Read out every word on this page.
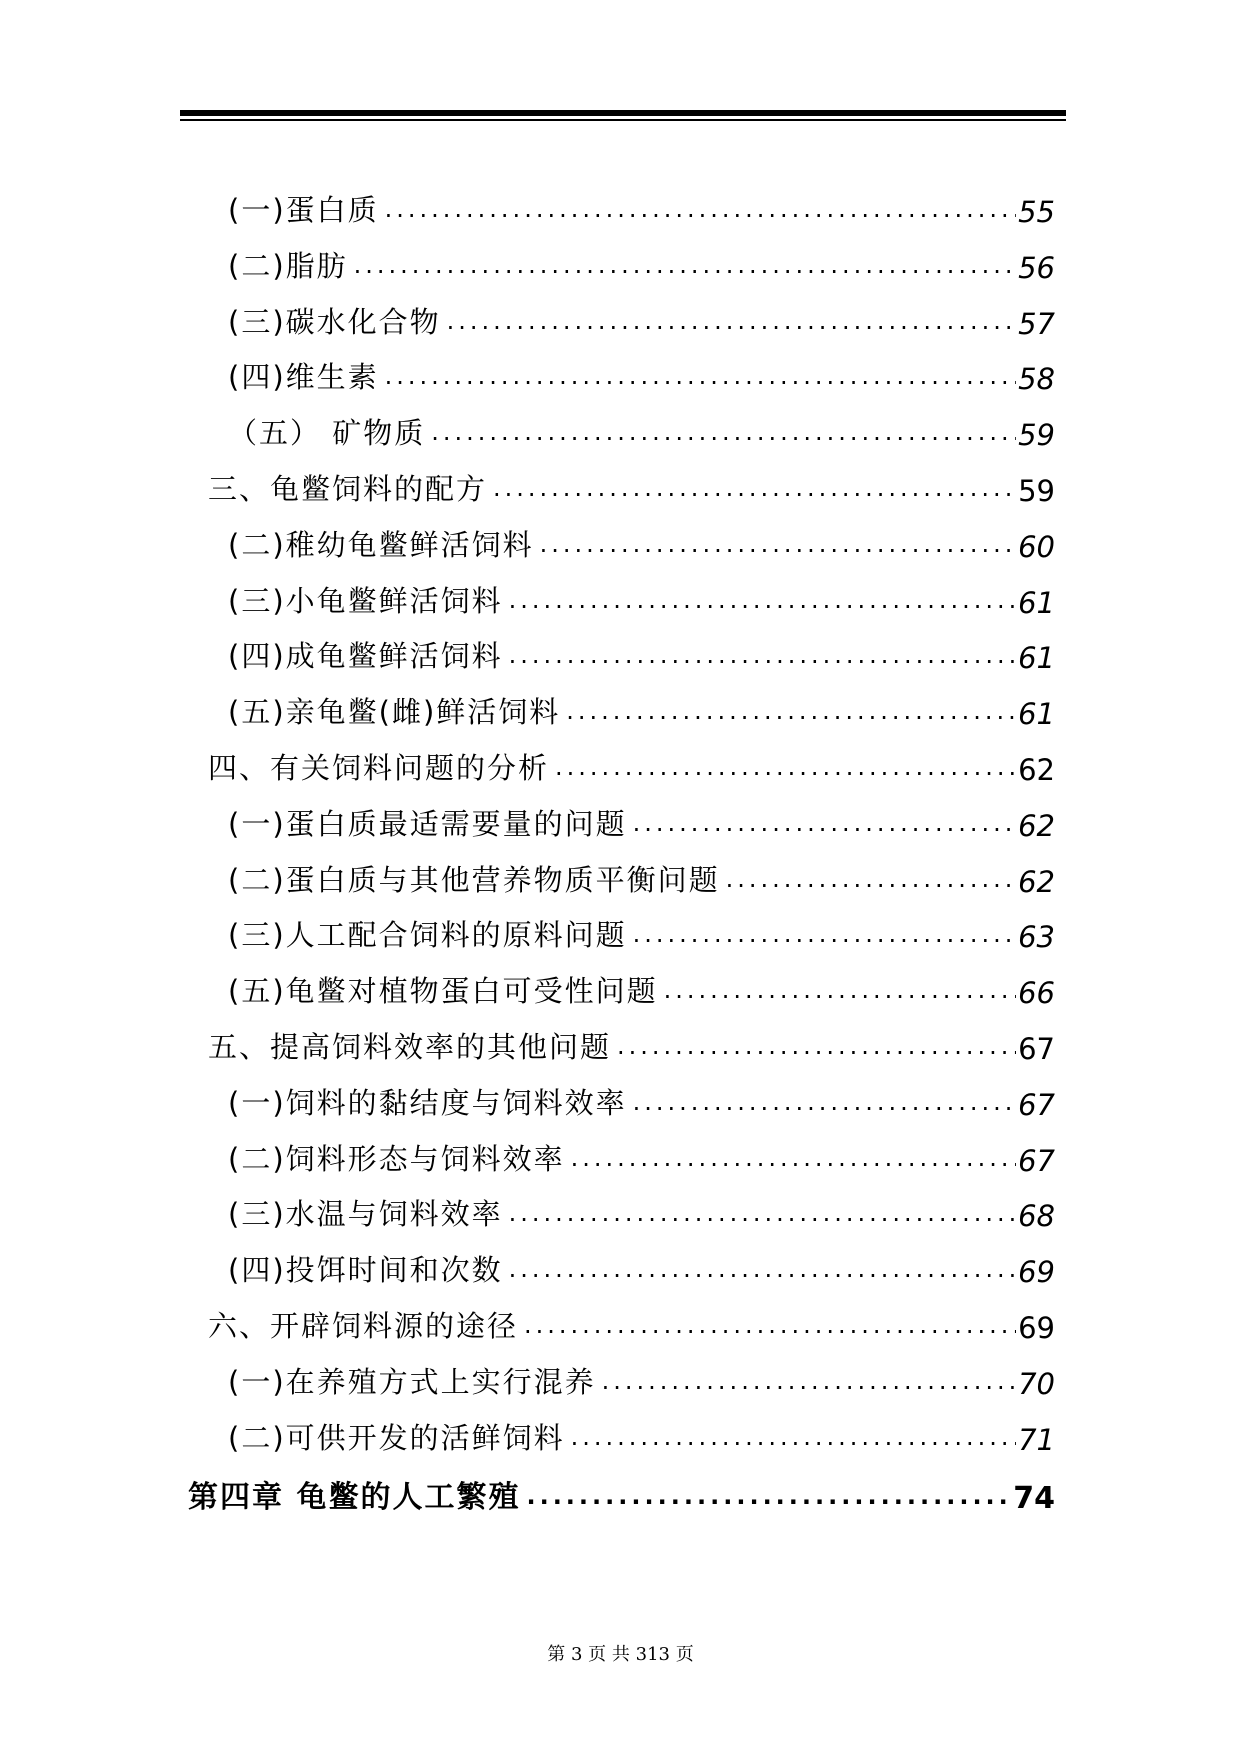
(一)蛋白质 .....	55
(二)脂肪 .....	56
(三)碳水化合物 .....	57
(四)维生素 .....	58
（五） 矿物质 .....	59
三、龟鳖饲料的配方 .....	59
(二)稚幼龟鳖鲜活饲料 .....	60
(三)小龟鳖鲜活饲料 .....	61
(四)成龟鳖鲜活饲料 .....	61
(五)亲龟鳖(雌)鲜活饲料 .....	61
四、有关饲料问题的分析 .....	62
(一)蛋白质最适需要量的问题 .....	62
(二)蛋白质与其他营养物质平衡问题 .....	62
(三)人工配合饲料的原料问题 .....	63
(五)龟鳖对植物蛋白可受性问题 .....	66
五、提高饲料效率的其他问题 .....	67
(一)饲料的黏结度与饲料效率 .....	67
(二)饲料形态与饲料效率 .....	67
(三)水温与饲料效率 .....	68
(四)投饵时间和次数 .....	69
六、开辟饲料源的途径 .....	69
(一)在养殖方式上实行混养 .....	70
(二)可供开发的活鲜饲料 .....	71
第四章 龟鳖的人工繁殖 .....	74
第 3 页 共 313 页
